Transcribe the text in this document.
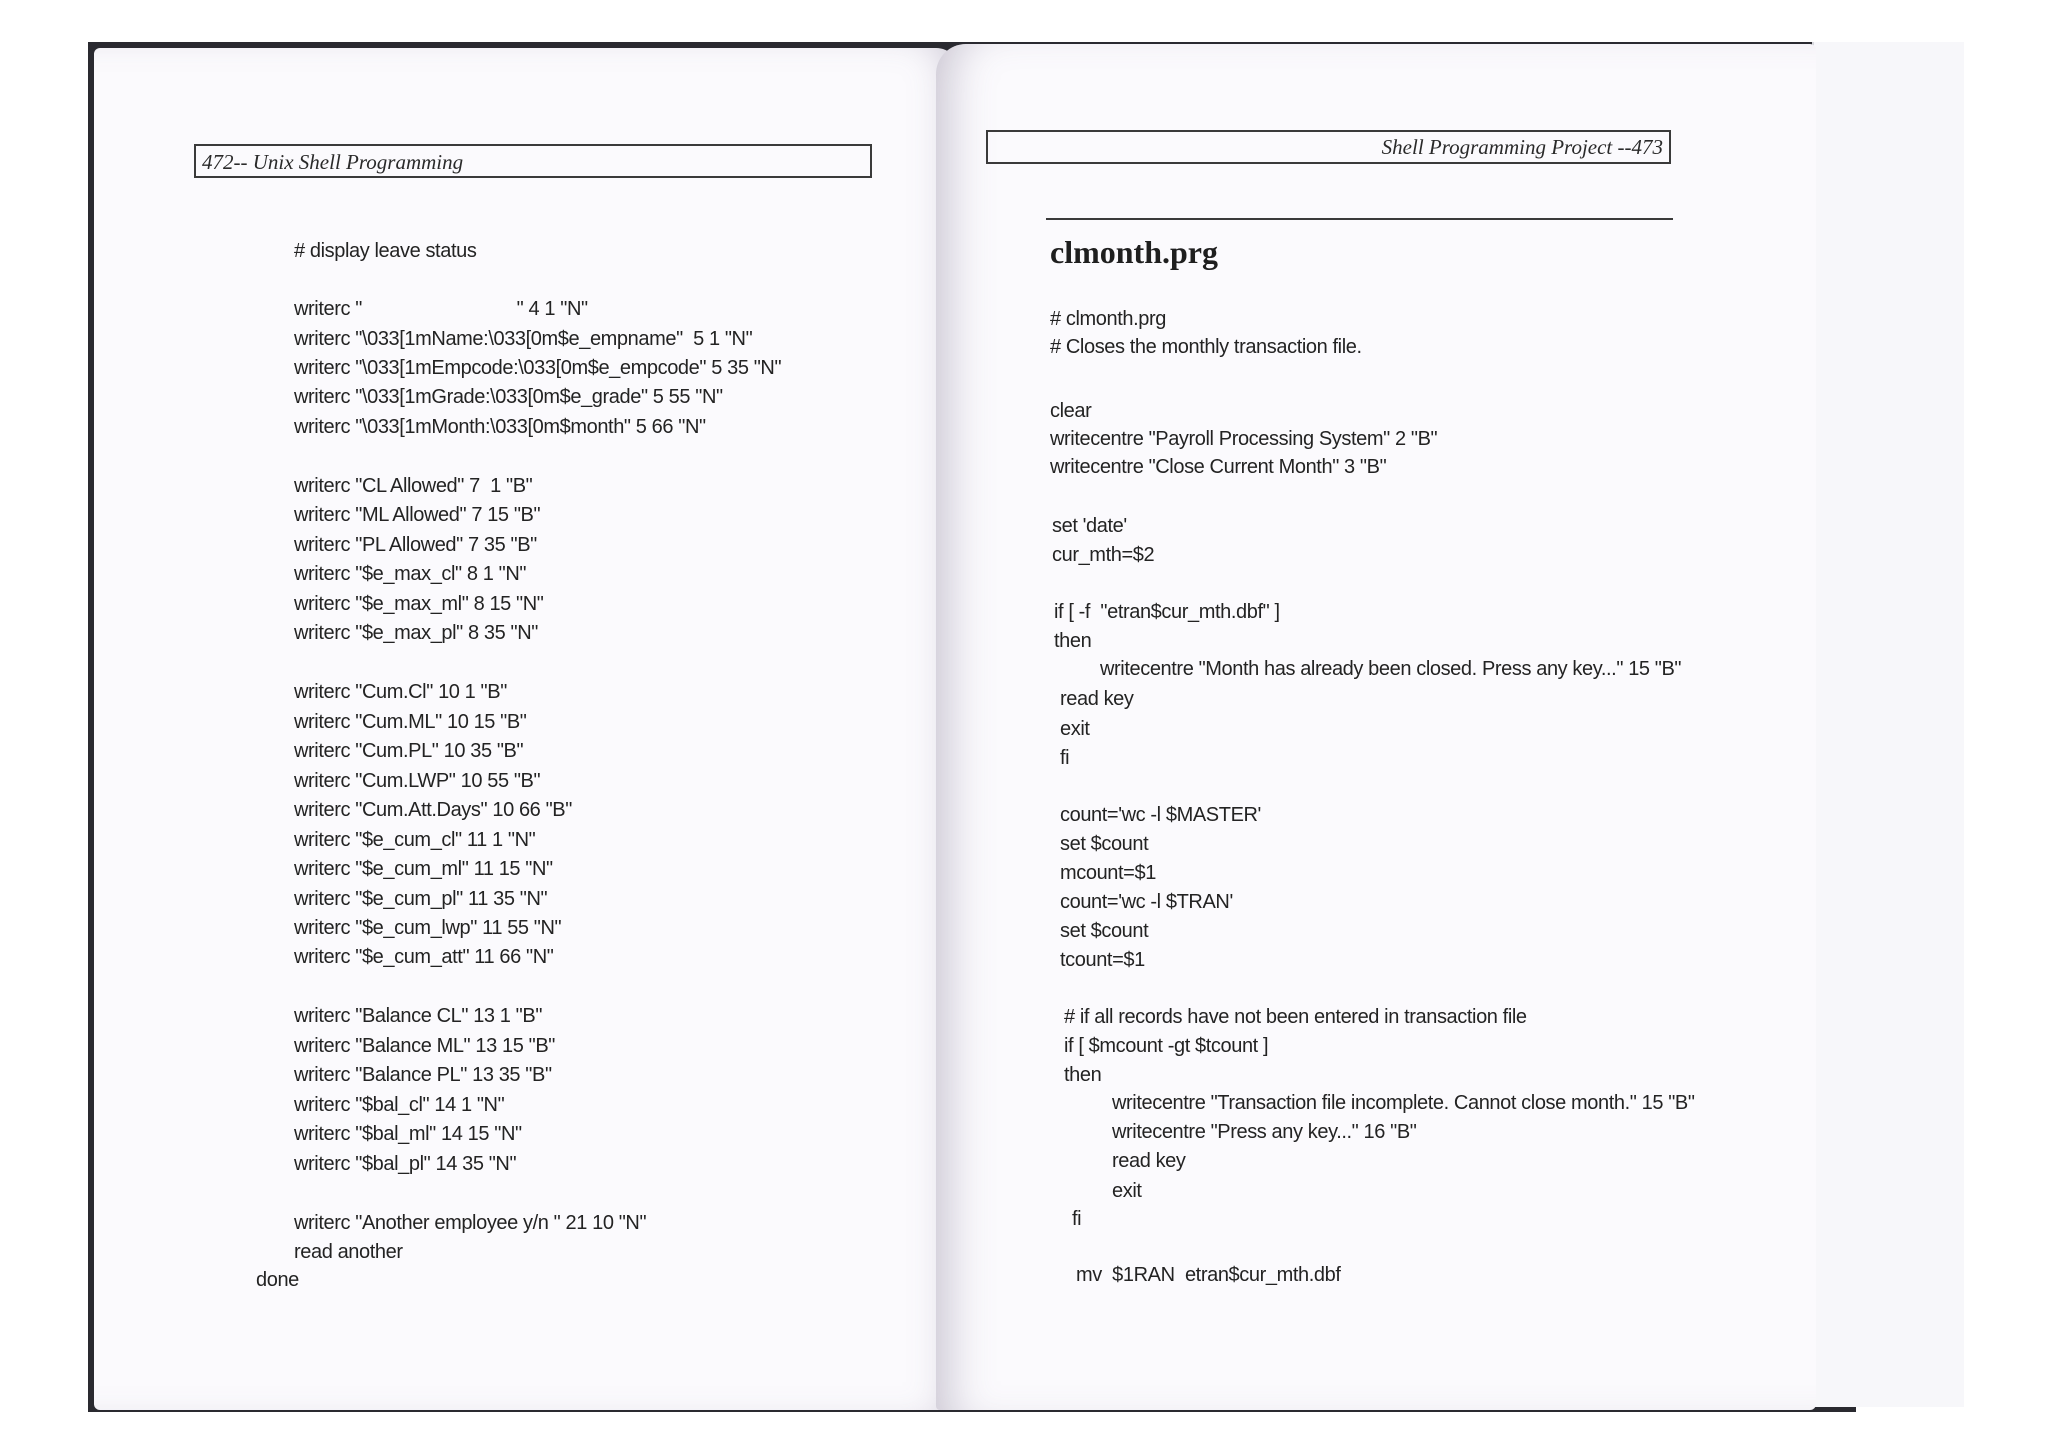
472-- Unix Shell Programming
# display leave status
writerc "                              " 4 1 "N"
writerc "\033[1mName:\033[0m$e_empname"  5 1 "N"
writerc "\033[1mEmpcode:\033[0m$e_empcode" 5 35 "N"
writerc "\033[1mGrade:\033[0m$e_grade" 5 55 "N"
writerc "\033[1mMonth:\033[0m$month" 5 66 "N"
writerc "CL Allowed" 7  1 "B"
writerc "ML Allowed" 7 15 "B"
writerc "PL Allowed" 7 35 "B"
writerc "$e_max_cl" 8 1 "N"
writerc "$e_max_ml" 8 15 "N"
writerc "$e_max_pl" 8 35 "N"
writerc "Cum.Cl" 10 1 "B"
writerc "Cum.ML" 10 15 "B"
writerc "Cum.PL" 10 35 "B"
writerc "Cum.LWP" 10 55 "B"
writerc "Cum.Att.Days" 10 66 "B"
writerc "$e_cum_cl" 11 1 "N"
writerc "$e_cum_ml" 11 15 "N"
writerc "$e_cum_pl" 11 35 "N"
writerc "$e_cum_lwp" 11 55 "N"
writerc "$e_cum_att" 11 66 "N"
writerc "Balance CL" 13 1 "B"
writerc "Balance ML" 13 15 "B"
writerc "Balance PL" 13 35 "B"
writerc "$bal_cl" 14 1 "N"
writerc "$bal_ml" 14 15 "N"
writerc "$bal_pl" 14 35 "N"
writerc "Another employee y/n " 21 10 "N"
read another
done
Shell Programming Project --473
clmonth.prg
# clmonth.prg
# Closes the monthly transaction file.
clear
writecentre "Payroll Processing System" 2 "B"
writecentre "Close Current Month" 3 "B"
set 'date'
cur_mth=$2
if [ -f  "etran$cur_mth.dbf" ]
then
writecentre "Month has already been closed. Press any key..." 15 "B"
read key
exit
fi
count='wc -l $MASTER'
set $count
mcount=$1
count='wc -l $TRAN'
set $count
tcount=$1
# if all records have not been entered in transaction file
if [ $mcount -gt $tcount ]
then
writecentre "Transaction file incomplete. Cannot close month." 15 "B"
writecentre "Press any key..." 16 "B"
read key
exit
fi
mv  $1RAN  etran$cur_mth.dbf
